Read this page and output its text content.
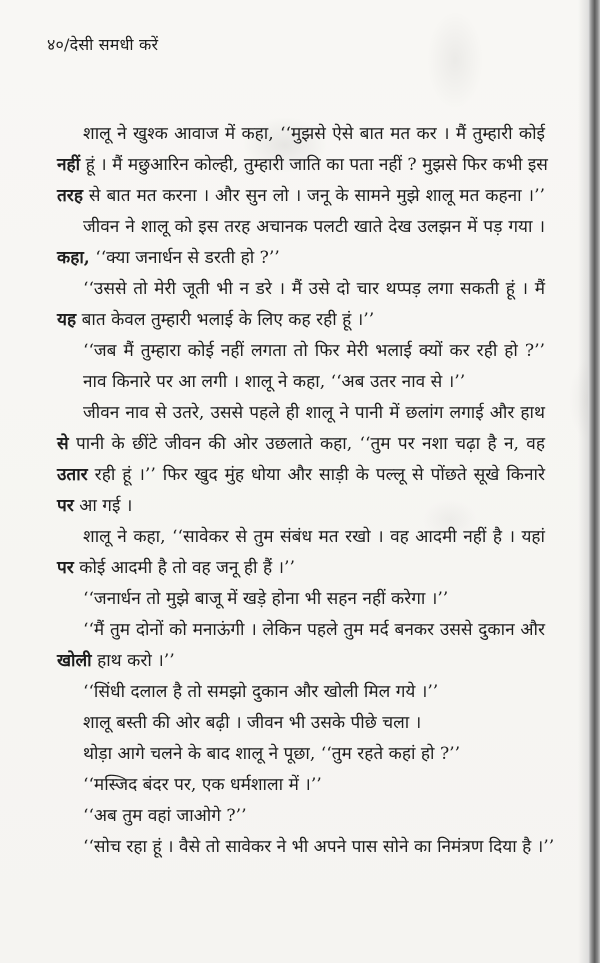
४०/देसी समधी करें
शालू ने खुश्क आवाज में कहा, ‘‘मुझसे ऐसे बात मत कर । मैं तुम्हारी कोई
नहीं हूं । मैं मछुआरिन कोल्ही, तुम्हारी जाति का पता नहीं ? मुझसे फिर कभी इस
तरह से बात मत करना । और सुन लो । जनू के सामने मुझे शालू मत कहना ।’’
जीवन ने शालू को इस तरह अचानक पलटी खाते देख उलझन में पड़ गया ।
कहा, ‘‘क्या जनार्धन से डरती हो ?’’
‘‘उससे तो मेरी जूती भी न डरे । मैं उसे दो चार थप्पड़ लगा सकती हूं । मैं
यह बात केवल तुम्हारी भलाई के लिए कह रही हूं ।’’
‘‘जब मैं तुम्हारा कोई नहीं लगता तो फिर मेरी भलाई क्यों कर रही हो ?’’
नाव किनारे पर आ लगी । शालू ने कहा, ‘‘अब उतर नाव से ।’’
जीवन नाव से उतरे, उससे पहले ही शालू ने पानी में छलांग लगाई और हाथ
से पानी के छींटे जीवन की ओर उछलाते कहा, ‘‘तुम पर नशा चढ़ा है न, वह
उतार रही हूं ।’’ फिर खुद मुंह धोया और साड़ी के पल्लू से पोंछते सूखे किनारे
पर आ गई ।
शालू ने कहा, ‘‘सावेकर से तुम संबंध मत रखो । वह आदमी नहीं है । यहां
पर कोई आदमी है तो वह जनू ही हैं ।’’
‘‘जनार्धन तो मुझे बाजू में खड़े होना भी सहन नहीं करेगा ।’’
‘‘मैं तुम दोनों को मनाऊंगी । लेकिन पहले तुम मर्द बनकर उससे दुकान और
खोली हाथ करो ।’’
‘‘सिंधी दलाल है तो समझो दुकान और खोली मिल गये ।’’
शालू बस्ती की ओर बढ़ी । जीवन भी उसके पीछे चला ।
थोड़ा आगे चलने के बाद शालू ने पूछा, ‘‘तुम रहते कहां हो ?’’
‘‘मस्जिद बंदर पर, एक धर्मशाला में ।’’
‘‘अब तुम वहां जाओगे ?’’
‘‘सोच रहा हूं । वैसे तो सावेकर ने भी अपने पास सोने का निमंत्रण दिया है ।’’
